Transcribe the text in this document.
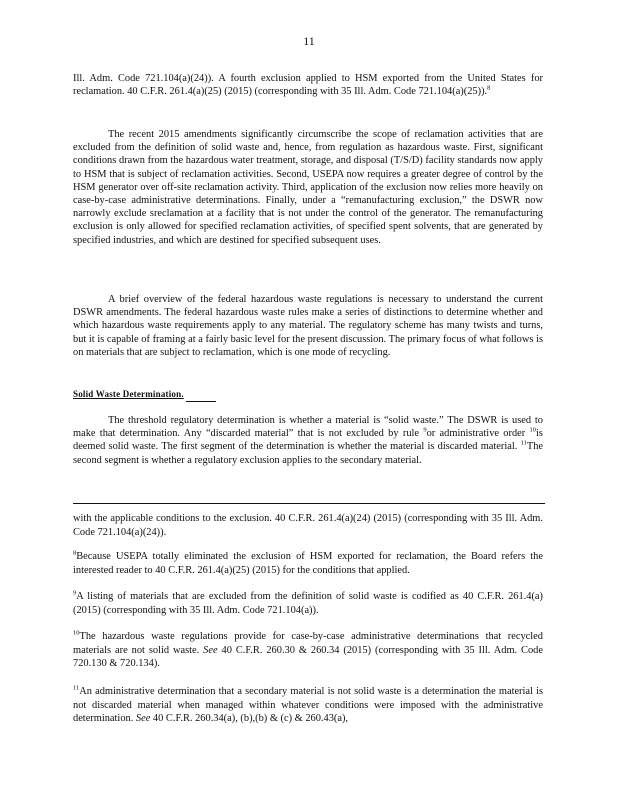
11
Ill. Adm. Code 721.104(a)(24)). A fourth exclusion applied to HSM exported from the United States for reclamation. 40 C.F.R. 261.4(a)(25) (2015) (corresponding with 35 Ill. Adm. Code 721.104(a)(25)).$^8$
The recent 2015 amendments significantly circumscribe the scope of reclamation activities that are excluded from the definition of solid waste and, hence, from regulation as hazardous waste. First, significant conditions drawn from the hazardous water treatment, storage, and disposal (T/S/D) facility standards now apply to HSM that is subject of reclamation activities. Second, USEPA now requires a greater degree of control by the HSM generator over off-site reclamation activity. Third, application of the exclusion now relies more heavily on case-by-case administrative determinations. Finally, under a “remanufacturing exclusion,” the DSWR now narrowly exclude sreclamation at a facility that is not under the control of the generator. The remanufacturing exclusion is only allowed for specified reclamation activities, of specified spent solvents, that are generated by specified industries, and which are destined for specified subsequent uses.
A brief overview of the federal hazardous waste regulations is necessary to understand the current DSWR amendments. The federal hazardous waste rules make a series of distinctions to determine whether and which hazardous waste requirements apply to any material. The regulatory scheme has many twists and turns, but it is capable of framing at a fairly basic level for the present discussion. The primary focus of what follows is on materials that are subject to reclamation, which is one mode of recycling.
Solid Waste Determination.
The threshold regulatory determination is whether a material is “solid waste.” The DSWR is used to make that determination. Any “discarded material” that is not excluded by rule $^9$or administrative order $^{10}$is deemed solid waste. The first segment of the determination is whether the material is discarded material. $^{11}$The second segment is whether a regulatory exclusion applies to the secondary material.
with the applicable conditions to the exclusion. 40 C.F.R. 261.4(a)(24) (2015) (corresponding with 35 Ill. Adm. Code 721.104(a)(24)).
$^8$Because USEPA totally eliminated the exclusion of HSM exported for reclamation, the Board refers the interested reader to 40 C.F.R. 261.4(a)(25) (2015) for the conditions that applied.
$^9$A listing of materials that are excluded from the definition of solid waste is codified as 40 C.F.R. 261.4(a) (2015) (corresponding with 35 Ill. Adm. Code 721.104(a)).
$^{10}$The hazardous waste regulations provide for case-by-case administrative determinations that recycled materials are not solid waste. See 40 C.F.R. 260.30 & 260.34 (2015) (corresponding with 35 Ill. Adm. Code 720.130 & 720.134).
$^{11}$An administrative determination that a secondary material is not solid waste is a determination the material is not discarded material when managed within whatever conditions were imposed with the administrative determination. See 40 C.F.R. 260.34(a), (b),(b) & (c) & 260.43(a),
